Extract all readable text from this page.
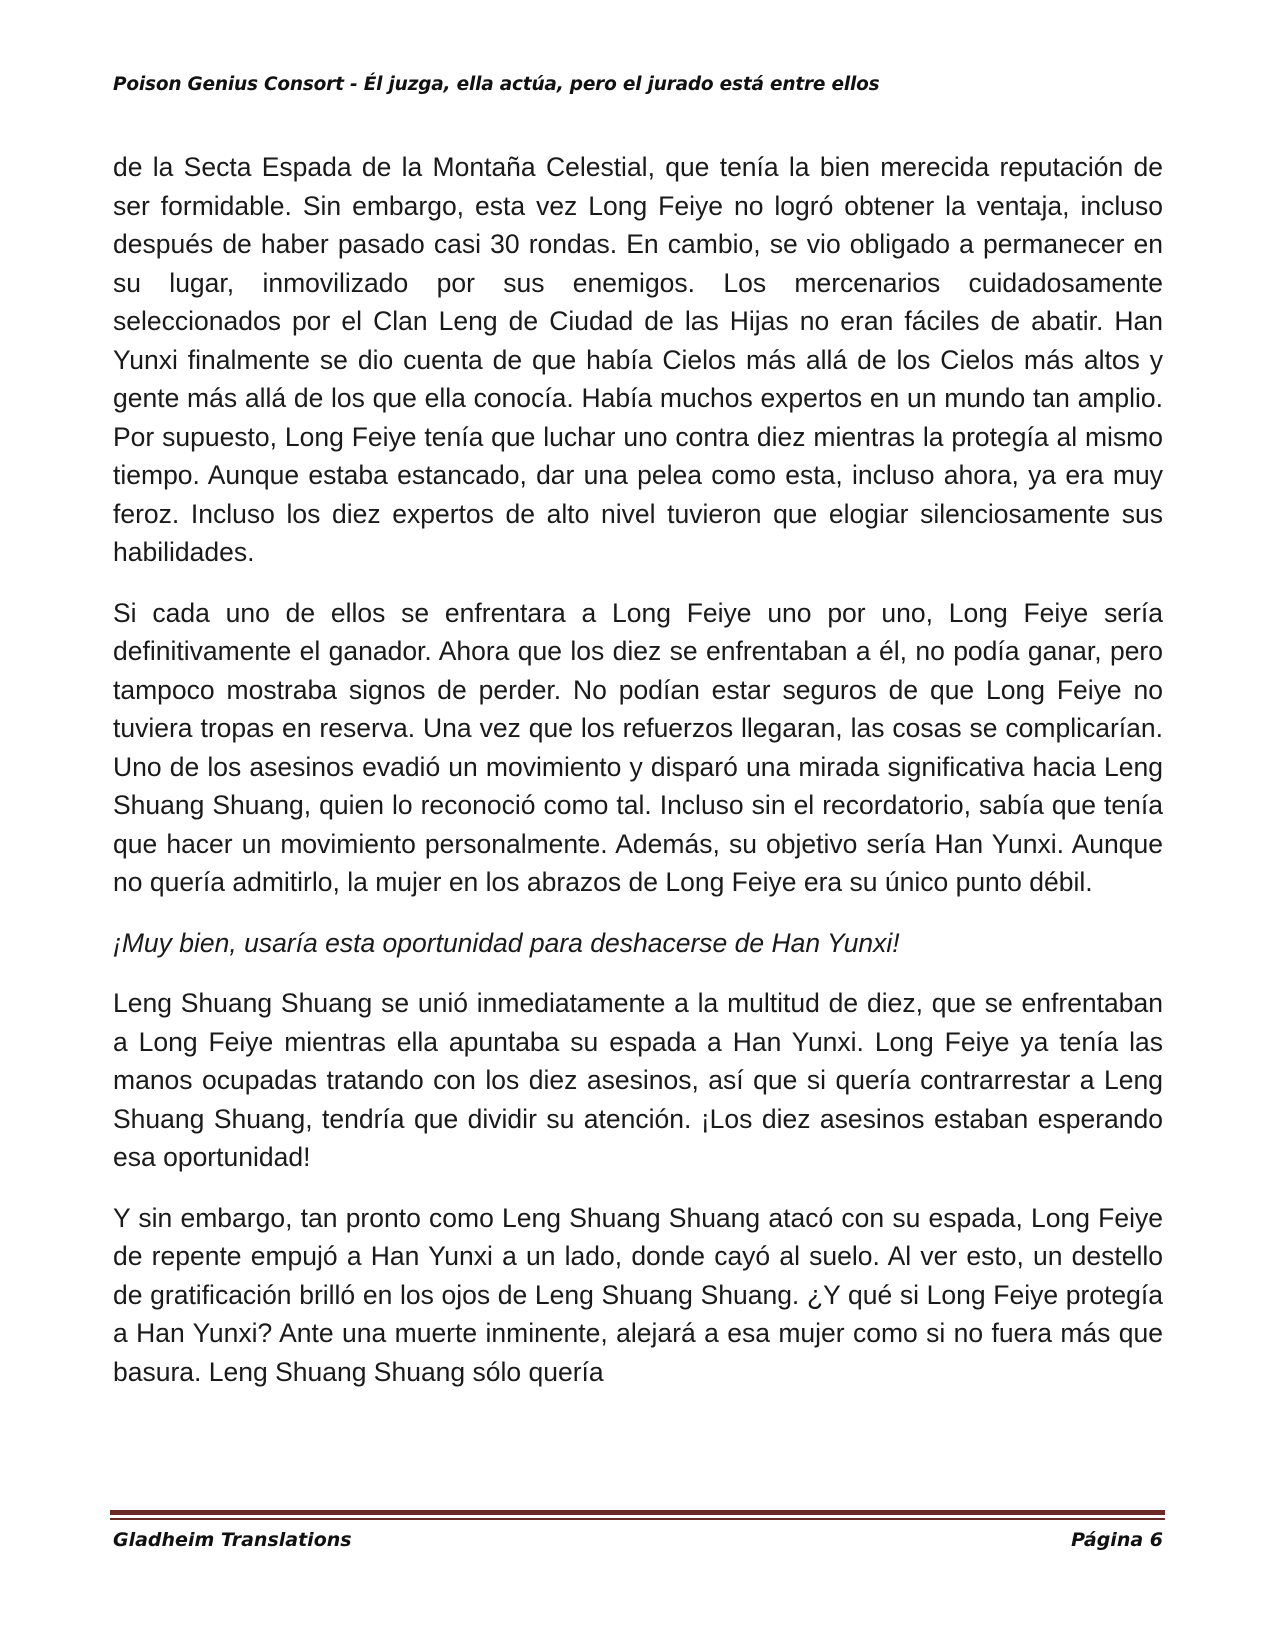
Poison Genius Consort - Él juzga, ella actúa, pero el jurado está entre ellos

de la Secta Espada de la Montaña Celestial, que tenía la bien merecida reputación de ser formidable. Sin embargo, esta vez Long Feiye no logró obtener la ventaja, incluso después de haber pasado casi 30 rondas. En cambio, se vio obligado a permanecer en su lugar, inmovilizado por sus enemigos. Los mercenarios cuidadosamente seleccionados por el Clan Leng de Ciudad de las Hijas no eran fáciles de abatir. Han Yunxi finalmente se dio cuenta de que había Cielos más allá de los Cielos más altos y gente más allá de los que ella conocía. Había muchos expertos en un mundo tan amplio. Por supuesto, Long Feiye tenía que luchar uno contra diez mientras la protegía al mismo tiempo. Aunque estaba estancado, dar una pelea como esta, incluso ahora, ya era muy feroz. Incluso los diez expertos de alto nivel tuvieron que elogiar silenciosamente sus habilidades.

Si cada uno de ellos se enfrentara a Long Feiye uno por uno, Long Feiye sería definitivamente el ganador. Ahora que los diez se enfrentaban a él, no podía ganar, pero tampoco mostraba signos de perder. No podían estar seguros de que Long Feiye no tuviera tropas en reserva. Una vez que los refuerzos llegaran, las cosas se complicarían. Uno de los asesinos evadió un movimiento y disparó una mirada significativa hacia Leng Shuang Shuang, quien lo reconoció como tal. Incluso sin el recordatorio, sabía que tenía que hacer un movimiento personalmente. Además, su objetivo sería Han Yunxi. Aunque no quería admitirlo, la mujer en los abrazos de Long Feiye era su único punto débil.

¡Muy bien, usaría esta oportunidad para deshacerse de Han Yunxi!

Leng Shuang Shuang se unió inmediatamente a la multitud de diez, que se enfrentaban a Long Feiye mientras ella apuntaba su espada a Han Yunxi. Long Feiye ya tenía las manos ocupadas tratando con los diez asesinos, así que si quería contrarrestar a Leng Shuang Shuang, tendría que dividir su atención. ¡Los diez asesinos estaban esperando esa oportunidad!

Y sin embargo, tan pronto como Leng Shuang Shuang atacó con su espada, Long Feiye de repente empujó a Han Yunxi a un lado, donde cayó al suelo. Al ver esto, un destello de gratificación brilló en los ojos de Leng Shuang Shuang. ¿Y qué si Long Feiye protegía a Han Yunxi? Ante una muerte inminente, alejará a esa mujer como si no fuera más que basura. Leng Shuang Shuang sólo quería

Gladheim Translations	Página 6
